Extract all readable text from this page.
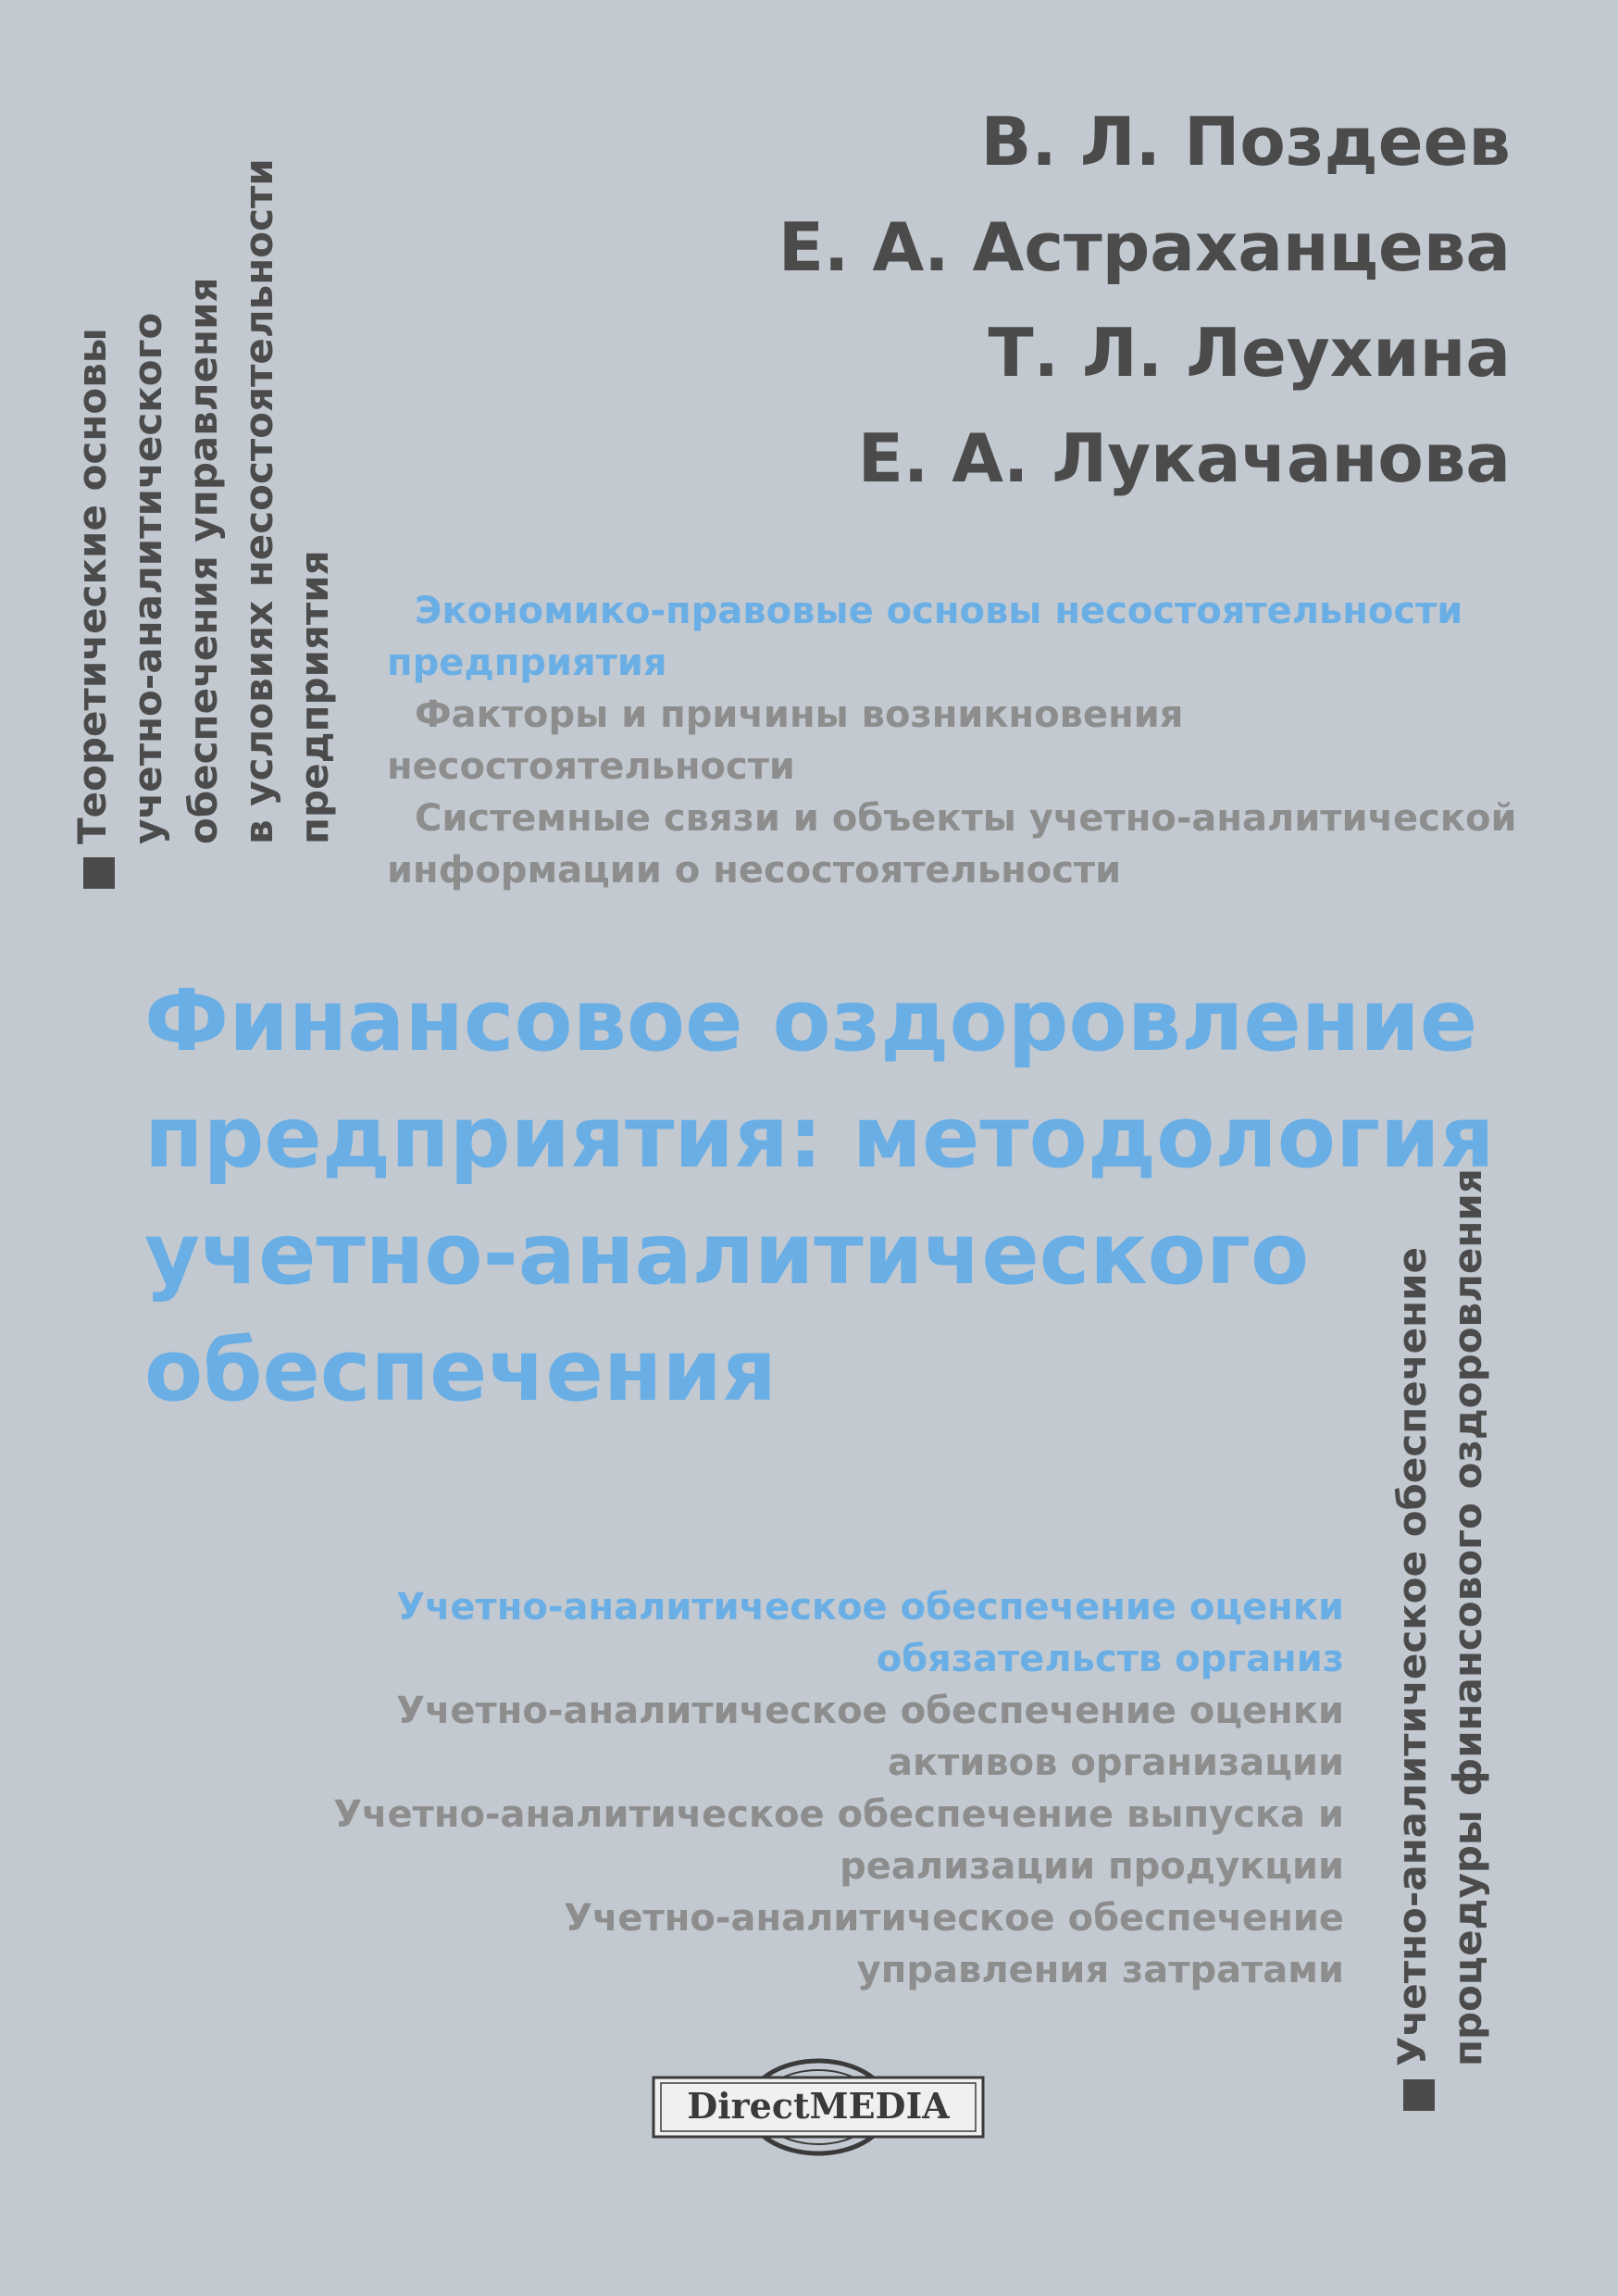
В. Л. Поздеев
Е. А. Астраханцева
Т. Л. Леухина
Е. А. Лукачанова
Теоретические основы учетно-аналитического обеспечения управления в условиях несостоятельности предприятия	Экономико-правовые основы несостоятельности предприятия
Факторы и причины возникновения несостоятельности
Системные связи и объекты учетно-аналитической информации о несостоятельности
Финансовое оздоровление
предприятия: методология
учетно-аналитического
обеспечения
Учетно-аналитическое обеспечение оценки обязательств организ
Учетно-аналитическое обеспечение оценки активов организации
Учетно-аналитическое обеспечение выпуска и реализации продукции
Учетно-аналитическое обеспечение управления затратами Учетно-аналитическое обеспечение процедуры финансового оздоровления
DirectMEDIA
